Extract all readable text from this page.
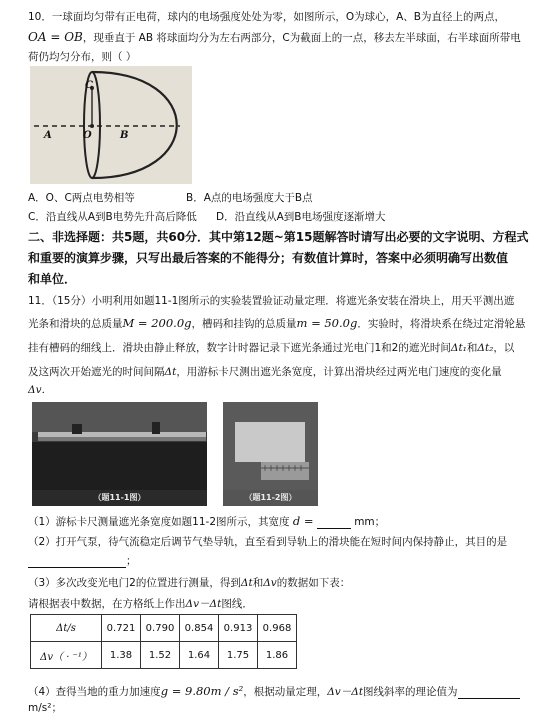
10．一球面均匀带有正电荷，球内的电场强度处处为零，如图所示，O为球心，A、B为直径上的两点，
OA = OB，现垂直于 AB 将球面均分为左右两部分，C为截面上的一点，移去左半球面，右半球面所带电
荷仍均匀分布，则（ ）
C
O
A	B
A．O、C两点电势相等	B．A点的电场强度大于B点
C．沿直线从A到B电势先升高后降低 D．沿直线从A到B电场强度逐渐增大
二、非选择题：共5题，共60分．其中第12题~第15题解答时请写出必要的文字说明、方程式
和重要的演算步骤，只写出最后答案的不能得分；有数值计算时，答案中必须明确写出数值
和单位．
11．（15分）小明利用如题11-1图所示的实验装置验证动量定理．将遮光条安装在滑块上，用天平测出遮
光条和滑块的总质量M = 200.0g，槽码和挂钩的总质量m = 50.0g．实验时，将滑块系在绕过定滑轮悬
挂有槽码的细线上．滑块由静止释放，数字计时器记录下遮光条通过光电门1和2的遮光时间Δt₁和Δt₂，以
及这两次开始遮光的时间间隔Δt，用游标卡尺测出遮光条宽度，计算出滑块经过两光电门速度的变化量
Δv．
（题11-1图）	（题11-2图）
（1）游标卡尺测量遮光条宽度如题11-2图所示，其宽度 d =	mm；
（2）打开气泵，待气流稳定后调节气垫导轨，直至看到导轨上的滑块能在短时间内保持静止，其目的是
；
（3）多次改变光电门2的位置进行测量，得到Δt和Δv的数据如下表：
请根据表中数据，在方格纸上作出Δv－Δt图线．
Δt/s	0.721	0.790	0.854	0.913	0.968
Δv（ · ⁻¹）	1.38	1.52	1.64	1.75	1.86
（4）查得当地的重力加速度g = 9.80m / s²，根据动量定理，Δv－Δt图线斜率的理论值为
m/s²；
